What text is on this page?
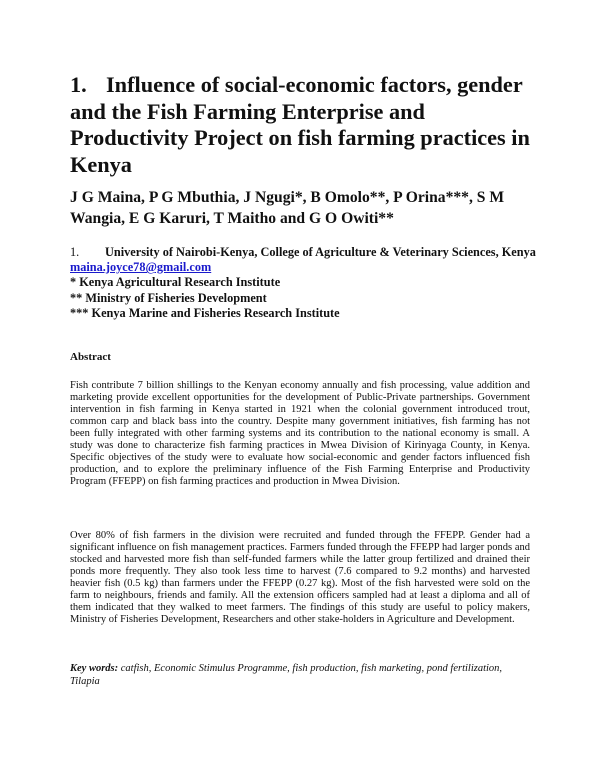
1. Influence of social-economic factors, gender and the Fish Farming Enterprise and Productivity Project on fish farming practices in Kenya

J G Maina, P G Mbuthia, J Ngugi*, B Omolo**, P Orina***, S M Wangia, E G Karuri, T Maitho and G O Owiti**

1. University of Nairobi-Kenya, College of Agriculture & Veterinary Sciences, Kenya
maina.joyce78@gmail.com
* Kenya Agricultural Research Institute
** Ministry of Fisheries Development
*** Kenya Marine and Fisheries Research Institute
Abstract

Fish contribute 7 billion shillings to the Kenyan economy annually and fish processing, value addition and marketing provide excellent opportunities for the development of Public-Private partnerships. Government intervention in fish farming in Kenya started in 1921 when the colonial government introduced trout, common carp and black bass into the country. Despite many government initiatives, fish farming has not been fully integrated with other farming systems and its contribution to the national economy is small. A study was done to characterize fish farming practices in Mwea Division of Kirinyaga County, in Kenya. Specific objectives of the study were to evaluate how social-economic and gender factors influenced fish production, and to explore the preliminary influence of the Fish Farming Enterprise and Productivity Program (FFEPP) on fish farming practices and production in Mwea Division.

Over 80% of fish farmers in the division were recruited and funded through the FFEPP. Gender had a significant influence on fish management practices. Farmers funded through the FFEPP had larger ponds and stocked and harvested more fish than self-funded farmers while the latter group fertilized and drained their ponds more frequently. They also took less time to harvest (7.6 compared to 9.2 months) and harvested heavier fish (0.5 kg) than farmers under the FFEPP (0.27 kg). Most of the fish harvested were sold on the farm to neighbours, friends and family. All the extension officers sampled had at least a diploma and all of them indicated that they walked to meet farmers. The findings of this study are useful to policy makers, Ministry of Fisheries Development, Researchers and other stake-holders in Agriculture and Development.

Key words: catfish, Economic Stimulus Programme, fish production, fish marketing, pond fertilization, Tilapia
